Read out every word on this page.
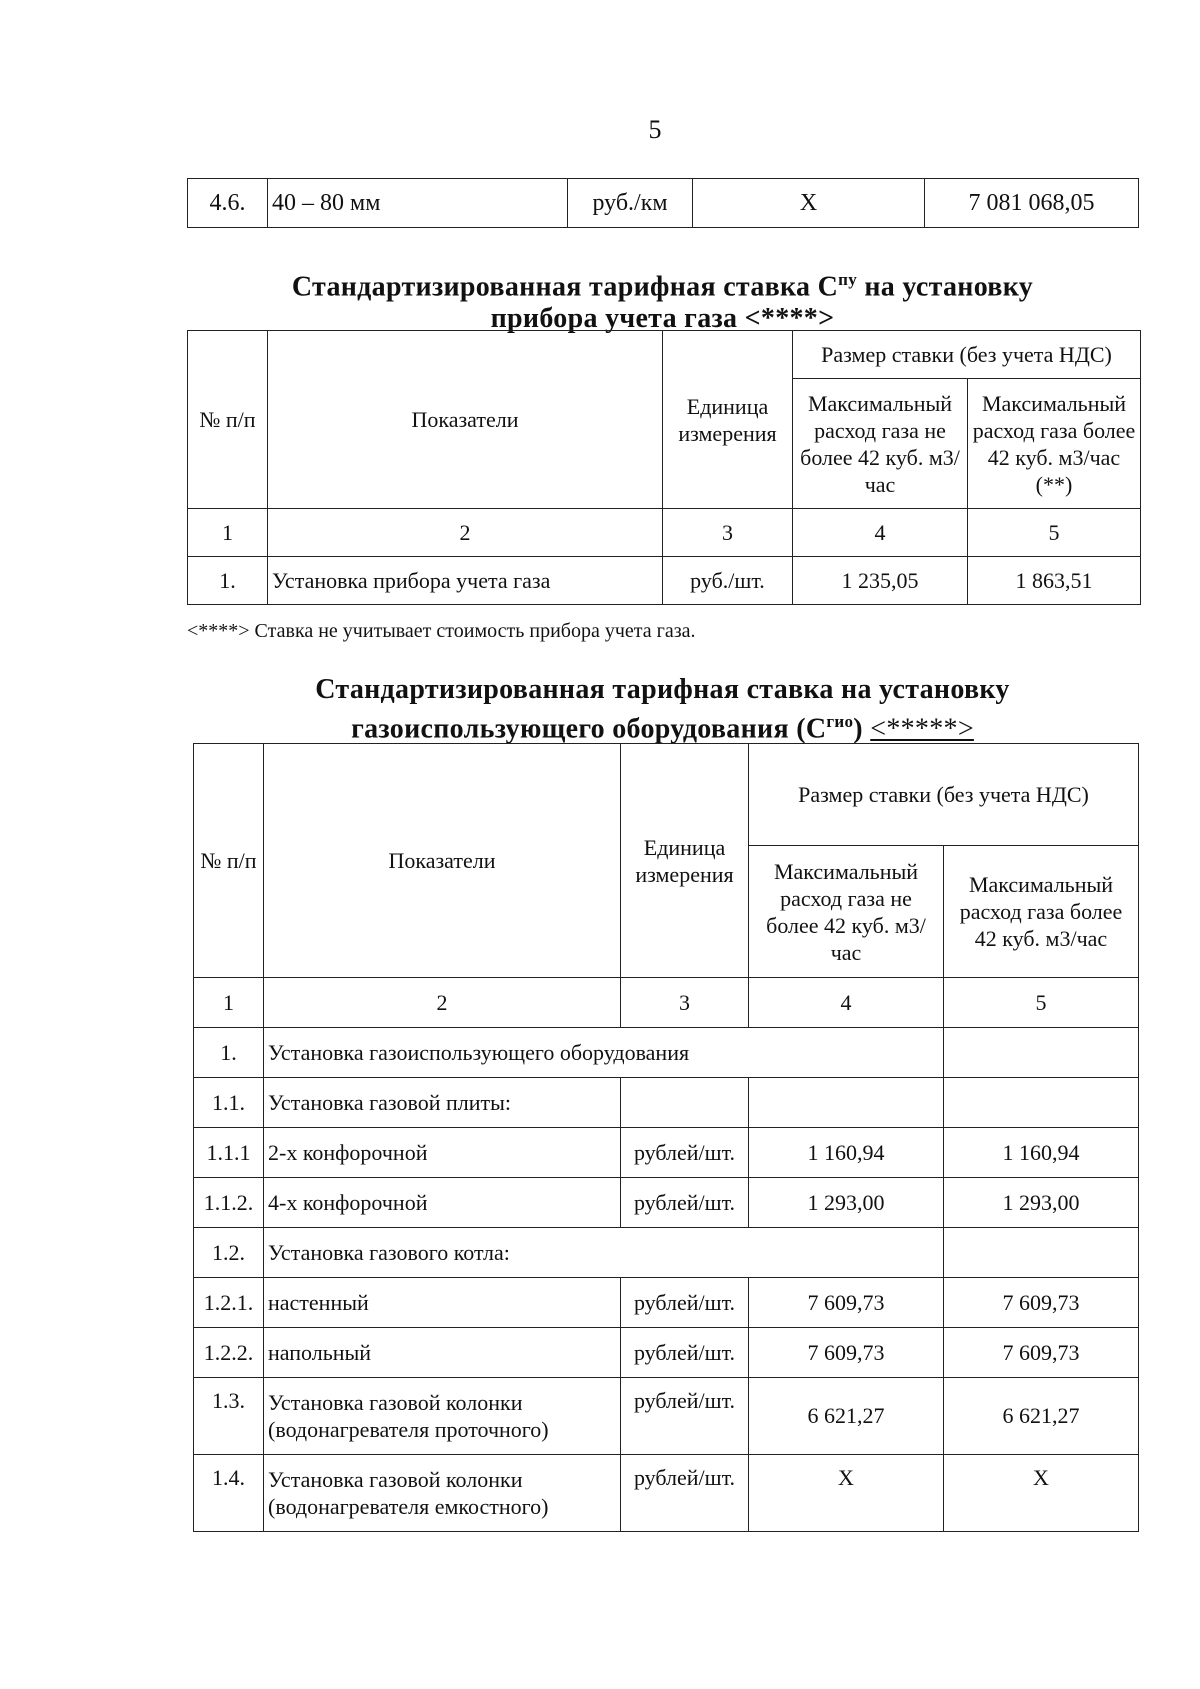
5
4.6.	40 – 80 мм	руб./км	Х	7 081 068,05
Стандартизированная тарифная ставка $С^{пу}$ на установку
прибора учета газа <****>
№ п/п	Показатели	Единица измерения	Размер ставки (без учета НДС)	
			Максимальный расход газа не более 42 куб. м3/час	Максимальный расход газа более 42 куб. м3/час (**)
1	2	3	4	5
1.	Установка прибора учета газа	руб./шт.	1 235,05	1 863,51
<****> Ставка не учитывает стоимость прибора учета газа.
Стандартизированная тарифная ставка на установку
газоиспользующего оборудования $(С^{гио})$ <*****>
№ п/п	Показатели	Единица измерения	Размер ставки (без учета НДС)	
			Максимальный расход газа не более 42 куб. м3/час	Максимальный расход газа более 42 куб. м3/час
1	2	3	4	5
1.	Установка газоиспользующего оборудования			
1.1.	Установка газовой плиты:			
1.1.1	2-х конфорочной	рублей/шт.	1 160,94	1 160,94
1.1.2.	4-х конфорочной	рублей/шт.	1 293,00	1 293,00
1.2.	Установка газового котла:			
1.2.1.	настенный	рублей/шт.	7 609,73	7 609,73
1.2.2.	напольный	рублей/шт.	7 609,73	7 609,73
1.3.	Установка газовой колонки (водонагревателя проточного)	рублей/шт.	6 621,27	6 621,27
1.4.	Установка газовой колонки (водонагревателя емкостного)	рублей/шт.	Х	Х
